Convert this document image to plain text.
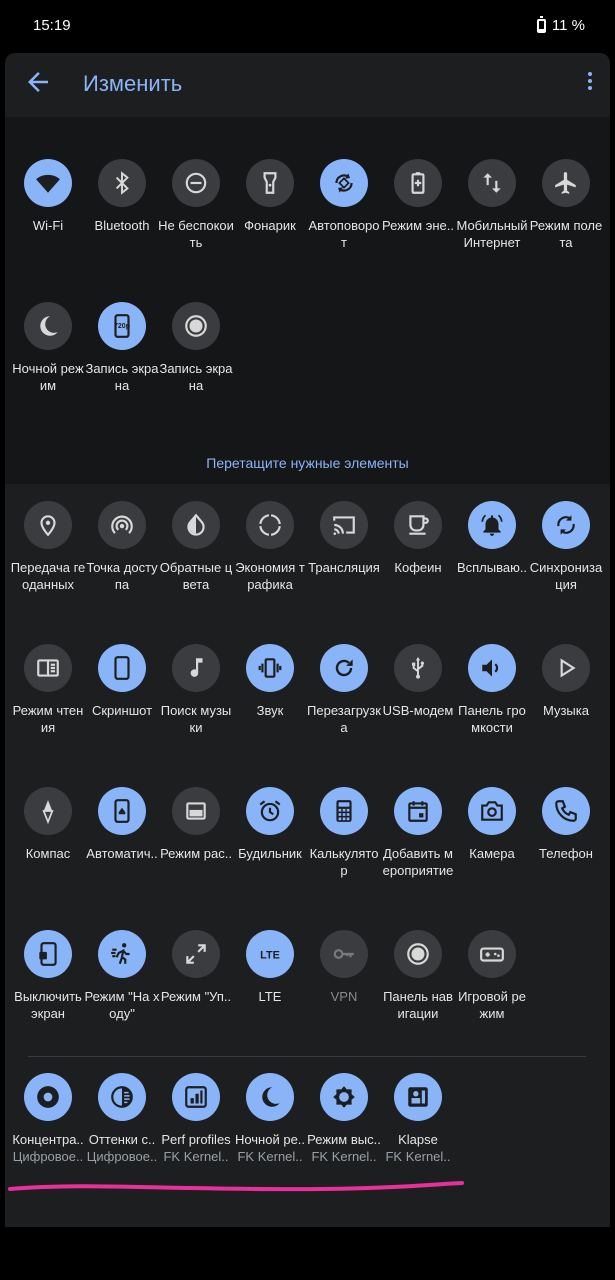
15:19	11 %
Изменить
Перетащите нужные элементы
Wi-Fi	Bluetooth Не беспокоить
Фонарик Автоповорот
Режим эне.. Мобильный Интернет
Режим полета
Ночной режим
720p
Запись экрана
Запись экрана
Передача геоданных
Точка доступа
Обратные цвета
Экономия трафика
Трансляция	Кофеин	Всплываю.. Синхронизация
Режим чтения
Скриншот Поиск музыки
Звук	Перезагрузка
USB-модем Панель громкости
Музыка
Компас	Автоматич.. Режим рас.. Будильник Калькулятор
Добавить мероприятие
Камера	Телефон
Выключить экран
Режим "На ходу"
Режим "Уп..
LTE
LTE	VPN	Панель навигации
Игровой режим
Концентра..
Цифровое..
Оттенки с..
Цифровое..
Perf profiles
FK Kernel..
Ночной ре..
FK Kernel..
Режим выс..
FK Kernel..
Klapse
FK Kernel..
